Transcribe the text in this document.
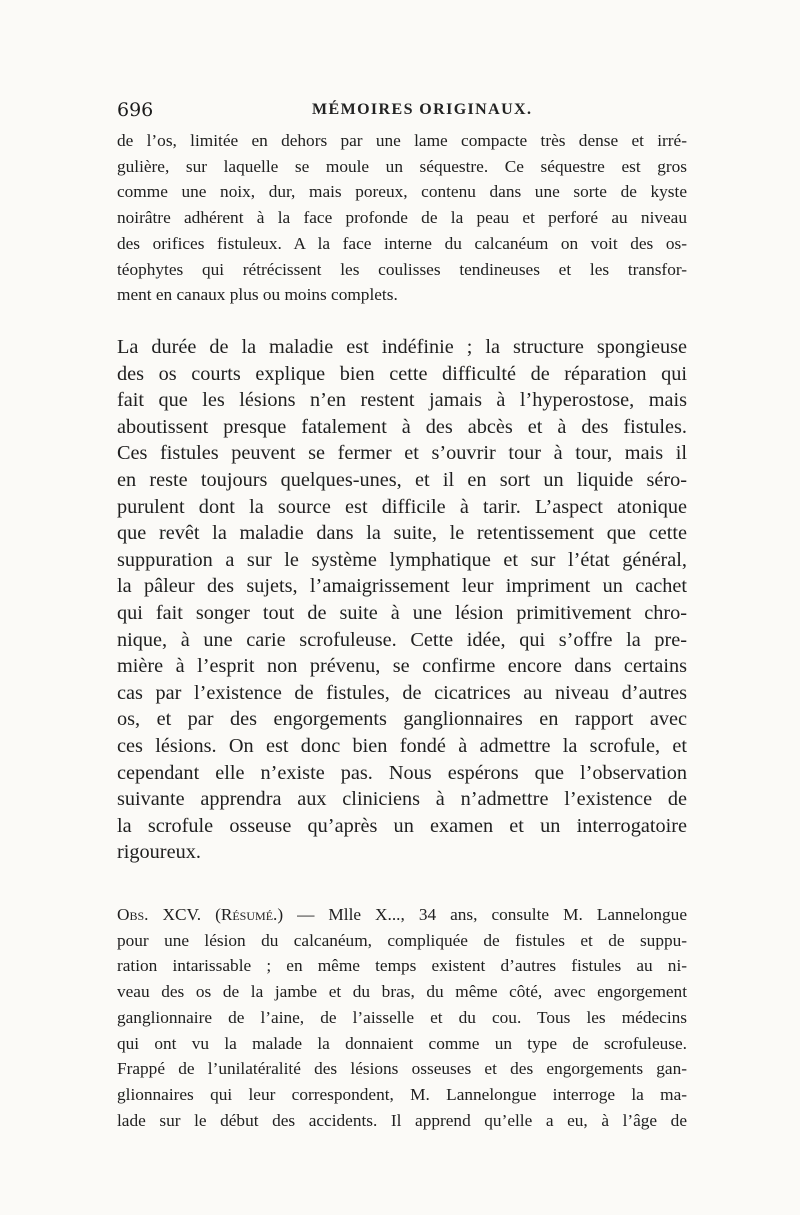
696	MÉMOIRES ORIGINAUX.
de l’os, limitée en dehors par une lame compacte très dense et irré-
gulière, sur laquelle se moule un séquestre. Ce séquestre est gros
comme une noix, dur, mais poreux, contenu dans une sorte de kyste
noirâtre adhérent à la face profonde de la peau et perforé au niveau
des orifices fistuleux. A la face interne du calcanéum on voit des os-
téophytes qui rétrécissent les coulisses tendineuses et les transfor-
ment en canaux plus ou moins complets.
La durée de la maladie est indéfinie ; la structure spongieuse
des os courts explique bien cette difficulté de réparation qui
fait que les lésions n’en restent jamais à l’hyperostose, mais
aboutissent presque fatalement à des abcès et à des fistules.
Ces fistules peuvent se fermer et s’ouvrir tour à tour, mais il
en reste toujours quelques-unes, et il en sort un liquide séro-
purulent dont la source est difficile à tarir. L’aspect atonique
que revêt la maladie dans la suite, le retentissement que cette
suppuration a sur le système lymphatique et sur l’état général,
la pâleur des sujets, l’amaigrissement leur impriment un cachet
qui fait songer tout de suite à une lésion primitivement chro-
nique, à une carie scrofuleuse. Cette idée, qui s’offre la pre-
mière à l’esprit non prévenu, se confirme encore dans certains
cas par l’existence de fistules, de cicatrices au niveau d’autres
os, et par des engorgements ganglionnaires en rapport avec
ces lésions. On est donc bien fondé à admettre la scrofule, et
cependant elle n’existe pas. Nous espérons que l’observation
suivante apprendra aux cliniciens à n’admettre l’existence de
la scrofule osseuse qu’après un examen et un interrogatoire
rigoureux.
Obs. XCV. (Résumé.) — Mlle X..., 34 ans, consulte M. Lannelongue
pour une lésion du calcanéum, compliquée de fistules et de suppu-
ration intarissable ; en même temps existent d’autres fistules au ni-
veau des os de la jambe et du bras, du même côté, avec engorgement
ganglionnaire de l’aine, de l’aisselle et du cou. Tous les médecins
qui ont vu la malade la donnaient comme un type de scrofuleuse.
Frappé de l’unilatéralité des lésions osseuses et des engorgements gan-
glionnaires qui leur correspondent, M. Lannelongue interroge la ma-
lade sur le début des accidents. Il apprend qu’elle a eu, à l’âge de
